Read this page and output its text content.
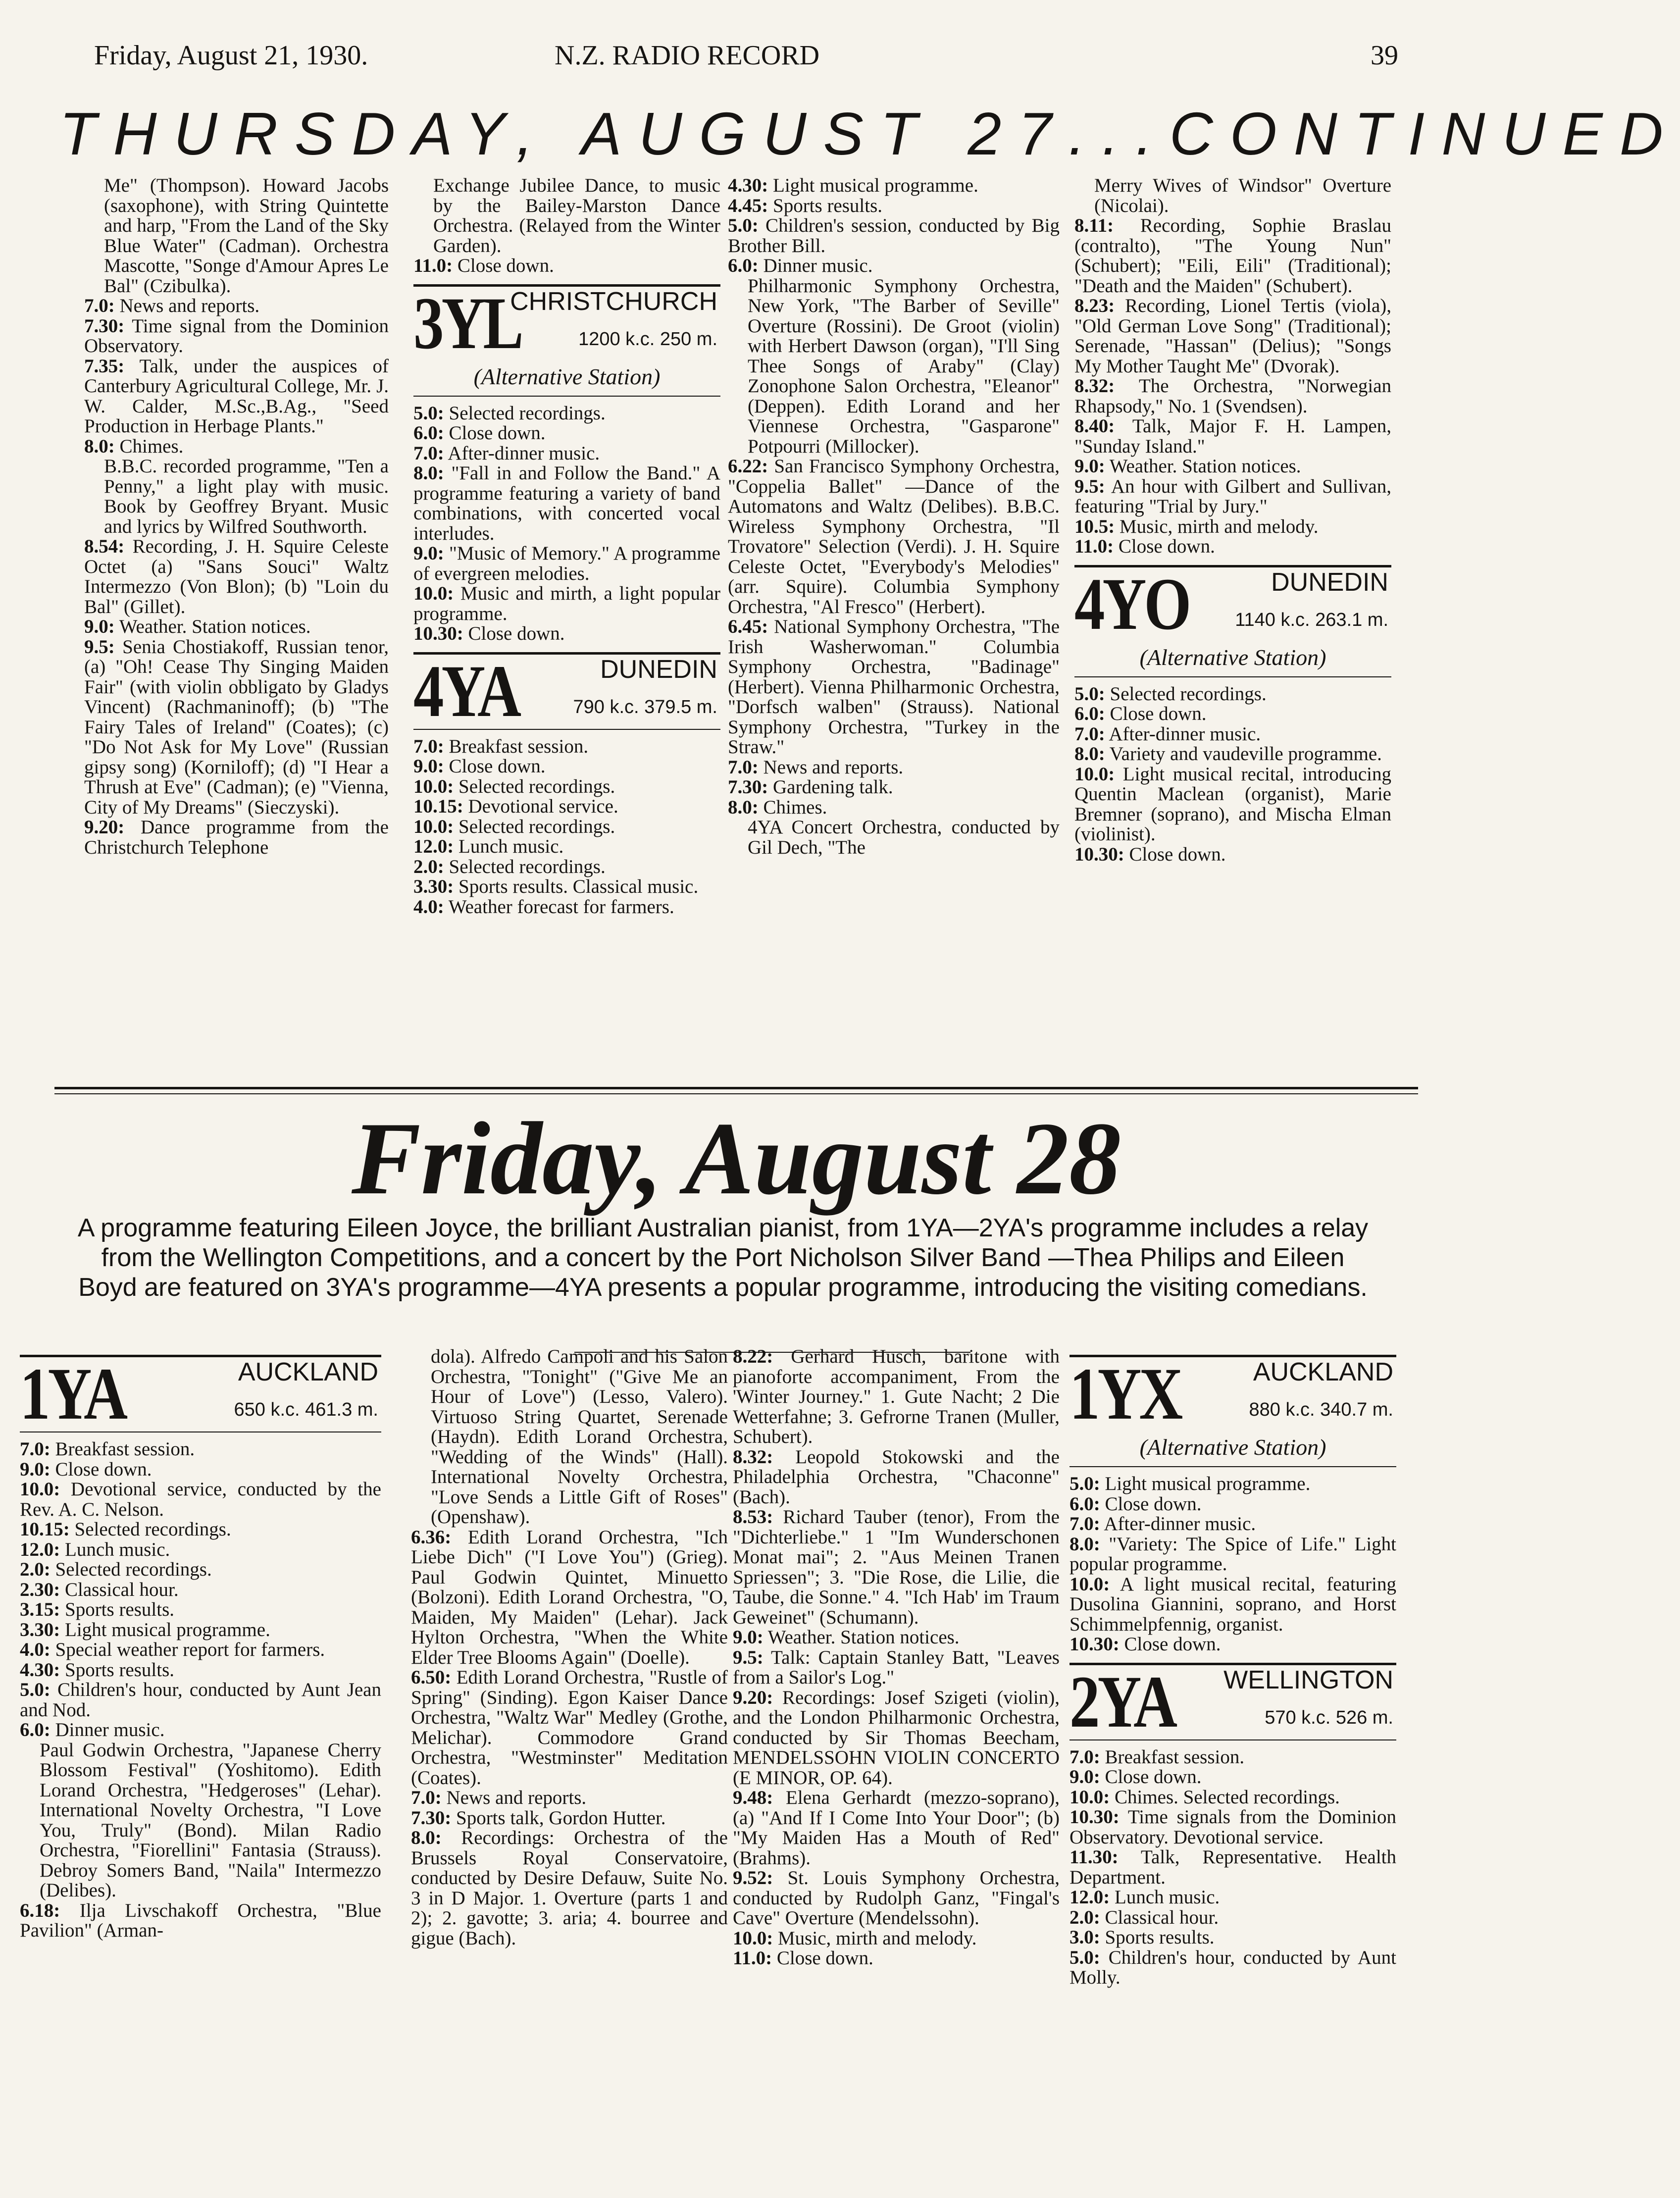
Friday, August 21, 1930.	N.Z. RADIO RECORD	39
THURSDAY, AUGUST 27...CONTINUED

Me" (Thompson). Howard Jacobs (saxophone), with String Quintette and harp, "From the Land of the Sky Blue Water" (Cadman). Orchestra Mascotte, "Songe d'Amour Apres Le Bal" (Czibulka).

7.0: News and reports.

7.30: Time signal from the Dominion Observatory.

7.35: Talk, under the auspices of Canterbury Agricultural College, Mr. J. W. Calder, M.Sc.,B.Ag., "Seed Production in Herbage Plants."

8.0: Chimes.

B.B.C. recorded programme, "Ten a Penny," a light play with music. Book by Geoffrey Bryant. Music and lyrics by Wilfred Southworth.

8.54: Recording, J. H. Squire Celeste Octet (a) "Sans Souci" Waltz Intermezzo (Von Blon); (b) "Loin du Bal" (Gillet).

9.0: Weather. Station notices.

9.5: Senia Chostiakoff, Russian tenor, (a) "Oh! Cease Thy Singing Maiden Fair" (with violin obbligato by Gladys Vincent) (Rachmaninoff); (b) "The Fairy Tales of Ireland" (Coates); (c) "Do Not Ask for My Love" (Russian gipsy song) (Korniloff); (d) "I Hear a Thrush at Eve" (Cadman); (e) "Vienna, City of My Dreams" (Sieczyski).

9.20: Dance programme from the Christchurch Telephone

Exchange Jubilee Dance, to music by the Bailey-Marston Dance Orchestra. (Relayed from the Winter Garden).

11.0: Close down.

3YL
CHRISTCHURCH
1200 k.c. 250 m.
(Alternative Station)

5.0: Selected recordings.

6.0: Close down.

7.0: After-dinner music.

8.0: "Fall in and Follow the Band." A programme featuring a variety of band combinations, with concerted vocal interludes.

9.0: "Music of Memory." A programme of evergreen melodies.

10.0: Music and mirth, a light popular programme.

10.30: Close down.

4YA	DUNEDIN
790 k.c. 379.5 m.

7.0: Breakfast session.

9.0: Close down.

10.0: Selected recordings.

10.15: Devotional service.

10.0: Selected recordings.

12.0: Lunch music.

2.0: Selected recordings.

3.30: Sports results. Classical music.

4.0: Weather forecast for farmers.

4.30: Light musical programme.

4.45: Sports results.

5.0: Children's session, conducted by Big Brother Bill.

6.0: Dinner music.

Philharmonic Symphony Orchestra, New York, "The Barber of Seville" Overture (Rossini). De Groot (violin) with Herbert Dawson (organ), "I'll Sing Thee Songs of Araby" (Clay) Zonophone Salon Orchestra, "Eleanor" (Deppen). Edith Lorand and her Viennese Orchestra, "Gasparone" Potpourri (Millocker).

6.22: San Francisco Symphony Orchestra, "Coppelia Ballet" —Dance of the Automatons and Waltz (Delibes). B.B.C. Wireless Symphony Orchestra, "Il Trovatore" Selection (Verdi). J. H. Squire Celeste Octet, "Everybody's Melodies" (arr. Squire). Columbia Symphony Orchestra, "Al Fresco" (Herbert).

6.45: National Symphony Orchestra, "The Irish Washerwoman." Columbia Symphony Orchestra, "Badinage" (Herbert). Vienna Philharmonic Orchestra, "Dorfsch walben" (Strauss). National Symphony Orchestra, "Turkey in the Straw."

7.0: News and reports.

7.30: Gardening talk.

8.0: Chimes.

4YA Concert Orchestra, conducted by Gil Dech, "The

Merry Wives of Windsor" Overture (Nicolai).

8.11: Recording, Sophie Braslau (contralto), "The Young Nun" (Schubert); "Eili, Eili" (Traditional); "Death and the Maiden" (Schubert).

8.23: Recording, Lionel Tertis (viola), "Old German Love Song" (Traditional); Serenade, "Hassan" (Delius); "Songs My Mother Taught Me" (Dvorak).

8.32: The Orchestra, "Norwegian Rhapsody," No. 1 (Svendsen).

8.40: Talk, Major F. H. Lampen, "Sunday Island."

9.0: Weather. Station notices.

9.5: An hour with Gilbert and Sullivan, featuring "Trial by Jury."

10.5: Music, mirth and melody.

11.0: Close down.

4YO	DUNEDIN
1140 k.c. 263.1 m.
(Alternative Station)

5.0: Selected recordings.

6.0: Close down.

7.0: After-dinner music.

8.0: Variety and vaudeville programme.

10.0: Light musical recital, introducing Quentin Maclean (organist), Marie Bremner (soprano), and Mischa Elman (violinist).

10.30: Close down.

Friday, August 28
A programme featuring Eileen Joyce, the brilliant Australian pianist, from 1YA—2YA's programme includes a relay from the Wellington Competitions, and a concert by the Port Nicholson Silver Band —Thea Philips and Eileen Boyd are featured on 3YA's programme—4YA presents a popular programme, introducing the visiting comedians.
1YA	AUCKLAND
650 k.c. 461.3 m.

7.0: Breakfast session.

9.0: Close down.

10.0: Devotional service, conducted by the Rev. A. C. Nelson.

10.15: Selected recordings.

12.0: Lunch music.

2.0: Selected recordings.

2.30: Classical hour.

3.15: Sports results.

3.30: Light musical programme.

4.0: Special weather report for farmers.

4.30: Sports results.

5.0: Children's hour, conducted by Aunt Jean and Nod.

6.0: Dinner music.

Paul Godwin Orchestra, "Japanese Cherry Blossom Festival" (Yoshitomo). Edith Lorand Orchestra, "Hedgeroses" (Lehar). International Novelty Orchestra, "I Love You, Truly" (Bond). Milan Radio Orchestra, "Fiorellini" Fantasia (Strauss). Debroy Somers Band, "Naila" Intermezzo (Delibes).

6.18: Ilja Livschakoff Orchestra, "Blue Pavilion" (Arman-

dola). Alfredo Campoli and his Salon Orchestra, "Tonight" ("Give Me an Hour of Love") (Lesso, Valero). Virtuoso String Quartet, Serenade (Haydn). Edith Lorand Orchestra, "Wedding of the Winds" (Hall). International Novelty Orchestra, "Love Sends a Little Gift of Roses" (Openshaw).

6.36: Edith Lorand Orchestra, "Ich Liebe Dich" ("I Love You") (Grieg). Paul Godwin Quintet, Minuetto (Bolzoni). Edith Lorand Orchestra, "O, Maiden, My Maiden" (Lehar). Jack Hylton Orchestra, "When the White Elder Tree Blooms Again" (Doelle).

6.50: Edith Lorand Orchestra, "Rustle of Spring" (Sinding). Egon Kaiser Dance Orchestra, "Waltz War" Medley (Grothe, Melichar). Commodore Grand Orchestra, "Westminster" Meditation (Coates).

7.0: News and reports.

7.30: Sports talk, Gordon Hutter.

8.0: Recordings: Orchestra of the Brussels Royal Conservatoire, conducted by Desire Defauw, Suite No. 3 in D Major. 1. Overture (parts 1 and 2); 2. gavotte; 3. aria; 4. bourree and gigue (Bach).

8.22: Gerhard Husch, baritone with pianoforte accompaniment, From the 'Winter Journey." 1. Gute Nacht; 2 Die Wetterfahne; 3. Gefrorne Tranen (Muller, Schubert).

8.32: Leopold Stokowski and the Philadelphia Orchestra, "Chaconne" (Bach).

8.53: Richard Tauber (tenor), From the "Dichterliebe." 1 "Im Wunderschonen Monat mai"; 2. "Aus Meinen Tranen Spriessen"; 3. "Die Rose, die Lilie, die Taube, die Sonne." 4. "Ich Hab' im Traum Geweinet" (Schumann).

9.0: Weather. Station notices.

9.5: Talk: Captain Stanley Batt, "Leaves from a Sailor's Log."

9.20: Recordings: Josef Szigeti (violin), and the London Philharmonic Orchestra, conducted by Sir Thomas Beecham, MENDELSSOHN VIOLIN CONCERTO (E MINOR, OP. 64).

9.48: Elena Gerhardt (mezzo-soprano), (a) "And If I Come Into Your Door"; (b) "My Maiden Has a Mouth of Red" (Brahms).

9.52: St. Louis Symphony Orchestra, conducted by Rudolph Ganz, "Fingal's Cave" Overture (Mendelssohn).

10.0: Music, mirth and melody.

11.0: Close down.

1YX	AUCKLAND
880 k.c. 340.7 m.
(Alternative Station)

5.0: Light musical programme.

6.0: Close down.

7.0: After-dinner music.

8.0: "Variety: The Spice of Life." Light popular programme.

10.0: A light musical recital, featuring Dusolina Giannini, soprano, and Horst Schimmelpfennig, organist.

10.30: Close down.

2YA WELLINGTON
570 k.c. 526 m.

7.0: Breakfast session.

9.0: Close down.

10.0: Chimes. Selected recordings.

10.30: Time signals from the Dominion Observatory. Devotional service.

11.30: Talk, Representative. Health Department.

12.0: Lunch music.

2.0: Classical hour.

3.0: Sports results.

5.0: Children's hour, conducted by Aunt Molly.
